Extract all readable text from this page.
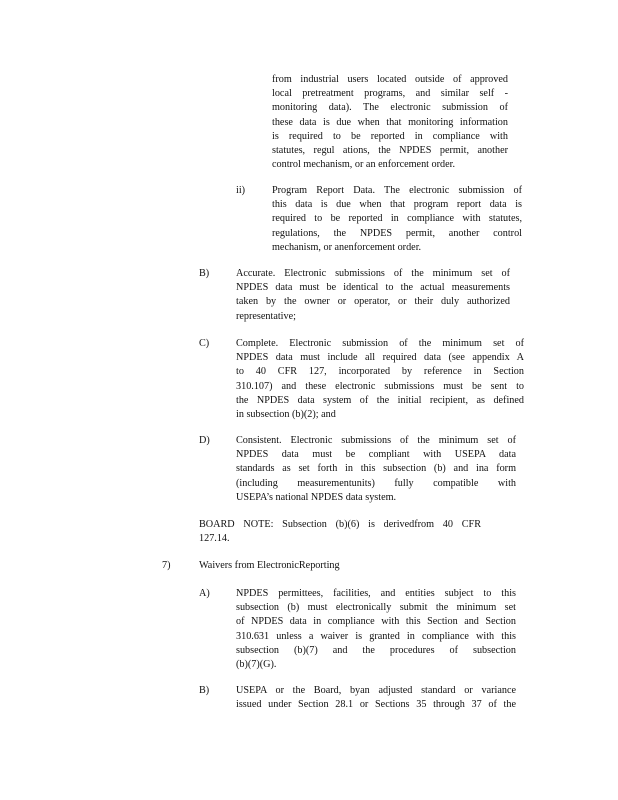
from industrial users located outside of approved
local pretreatment programs, and similar self -
monitoring data). The electronic submission of
these data is due when that monitoring information
is required to be reported in compliance with
statutes, regul ations, the NPDES permit, another
control mechanism, or an enforcement order.
ii)	Program Report Data. The electronic submission of
this data is due when that program report data is
required to be reported in compliance with statutes,
regulations, the NPDES permit, another control
mechanism, or anenforcement order.
B)	Accurate. Electronic submissions of the minimum set of
NPDES data must be identical to the actual measurements
taken by the owner or operator, or their duly authorized
representative;
C)	Complete. Electronic submission of the minimum set of
NPDES data must include all required data (see appendix A
to 40 CFR 127, incorporated by reference in Section
310.107) and these electronic submissions must be sent to
the NPDES data system of the initial recipient, as defined
in subsection (b)(2); and
D)	Consistent. Electronic submissions of the minimum set of
NPDES data must be compliant with USEPA data
standards as set forth in this subsection (b) and ina form
(including measurementunits) fully compatible with
USEPA’s national NPDES data system.
BOARD NOTE: Subsection (b)(6) is derivedfrom 40 CFR
127.14.
7)	Waivers from ElectronicReporting
A)	NPDES permittees, facilities, and entities subject to this
subsection (b) must electronically submit the minimum set
of NPDES data in compliance with this Section and Section
310.631 unless a waiver is granted in compliance with this
subsection (b)(7) and the procedures of subsection
(b)(7)(G).
B)	USEPA or the Board, byan adjusted standard or variance
issued under Section 28.1 or Sections 35 through 37 of the
